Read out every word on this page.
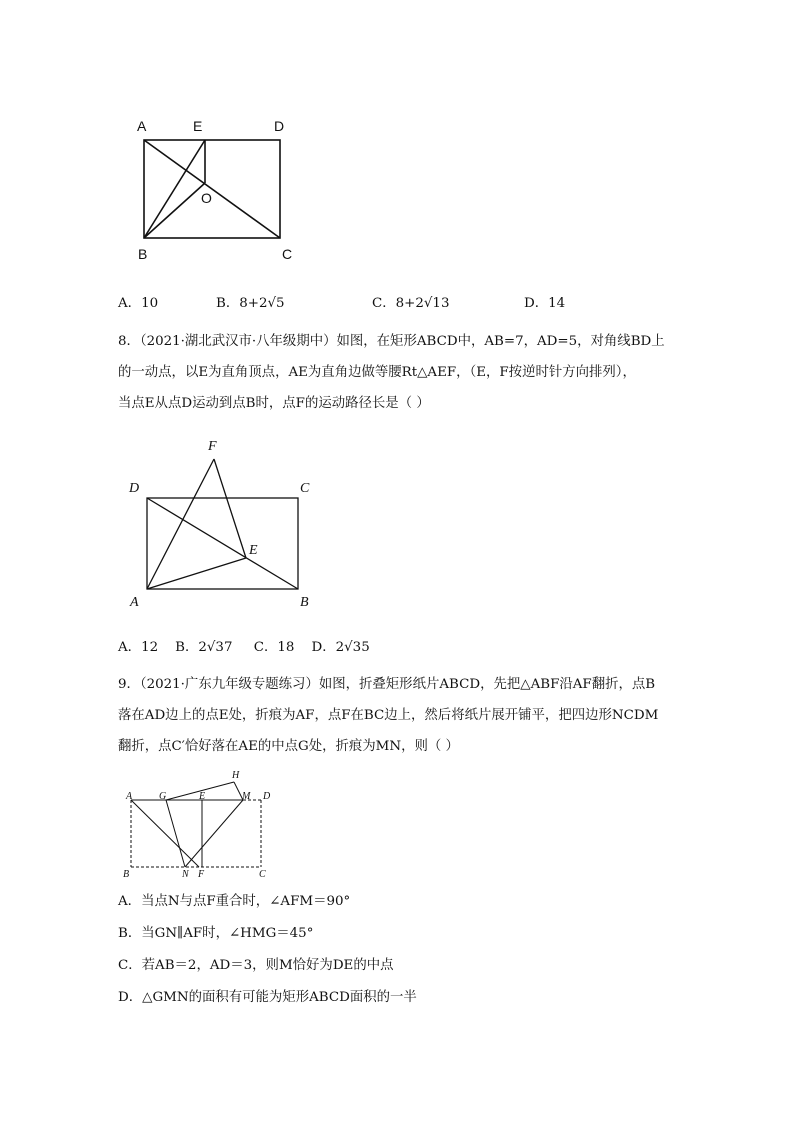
A	E	D
O
B	C
A．10	B．8+2√5	C．8+2√13	D．14
8．（2021·湖北武汉市·八年级期中）如图，在矩形ABCD中，AB=7，AD=5，对角线BD上
的一动点，以E为直角顶点，AE为直角边做等腰Rt△AEF，（E，F按逆时针方向排列），
当点E从点D运动到点B时，点F的运动路径长是（ ）
F
D	C
E
A	B
A．12 B．2√37 C．18 D．2√35
9．（2021·广东九年级专题练习）如图，折叠矩形纸片ABCD，先把△ABF沿AF翻折，点B
落在AD边上的点E处，折痕为AF，点F在BC边上，然后将纸片展开铺平，把四边形NCDM
翻折，点C′恰好落在AE的中点G处，折痕为MN，则（ ）
H
A	G	E	M D
B	N F	C
A．当点N与点F重合时，∠AFM＝90°
B．当GN∥AF时，∠HMG＝45°
C．若AB＝2，AD＝3，则M恰好为DE的中点
D．△GMN的面积有可能为矩形ABCD面积的一半
